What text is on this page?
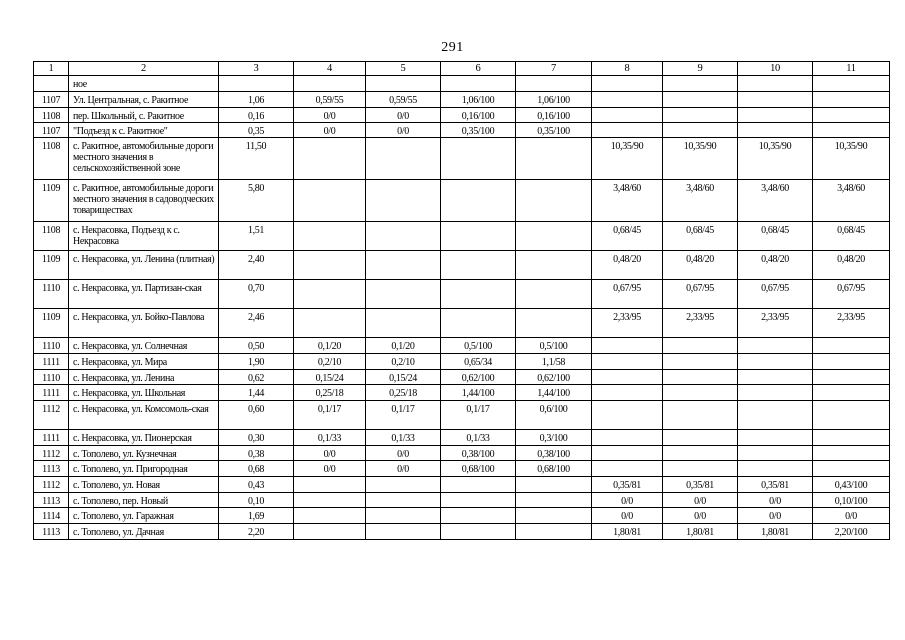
291
1	2	3	4	5	6	7	8	9	10	11
	ное									
1107	Ул. Центральная, с. Ракитное	1,06	0,59/55	0,59/55	1,06/100	1,06/100				
1108	пер. Школьный, с. Ракитное	0,16	0/0	0/0	0,16/100	0,16/100				
1107	"Подъезд к с. Ракитное"	0,35	0/0	0/0	0,35/100	0,35/100				
1108	с. Ракитное, автомобильные дороги местного значения в сельскохозяйственной зоне	11,50					10,35/90	10,35/90	10,35/90	10,35/90
1109	с. Ракитное, автомобильные дороги местного значения в садоводческих товариществах	5,80					3,48/60	3,48/60	3,48/60	3,48/60
1108	с. Некрасовка, Подъезд к с. Некрасовка	1,51					0,68/45	0,68/45	0,68/45	0,68/45
1109	с. Некрасовка, ул. Ленина (плитная)	2,40					0,48/20	0,48/20	0,48/20	0,48/20
1110	с. Некрасовка, ул. Партизан-ская	0,70					0,67/95	0,67/95	0,67/95	0,67/95
1109	с. Некрасовка, ул. Бойко-Павлова	2,46					2,33/95	2,33/95	2,33/95	2,33/95
1110	с. Некрасовка, ул. Солнечная	0,50	0,1/20	0,1/20	0,5/100	0,5/100				
1111	с. Некрасовка, ул. Мира	1,90	0,2/10	0,2/10	0,65/34	1,1/58				
1110	с. Некрасовка, ул. Ленина	0,62	0,15/24	0,15/24	0,62/100	0,62/100				
1111	с. Некрасовка, ул. Школьная	1,44	0,25/18	0,25/18	1,44/100	1,44/100				
1112	с. Некрасовка, ул. Комсомоль-ская	0,60	0,1/17	0,1/17	0,1/17	0,6/100				
1111	с. Некрасовка, ул. Пионерская	0,30	0,1/33	0,1/33	0,1/33	0,3/100				
1112	с. Тополево, ул. Кузнечная	0,38	0/0	0/0	0,38/100	0,38/100				
1113	с. Тополево, ул. Пригородная	0,68	0/0	0/0	0,68/100	0,68/100				
1112	с. Тополево, ул. Новая	0,43					0,35/81	0,35/81	0,35/81	0,43/100
1113	с. Тополево, пер. Новый	0,10					0/0	0/0	0/0	0,10/100
1114	с. Тополево, ул. Гаражная	1,69					0/0	0/0	0/0	0/0
1113	с. Тополево, ул. Дачная	2,20					1,80/81	1,80/81	1,80/81	2,20/100
